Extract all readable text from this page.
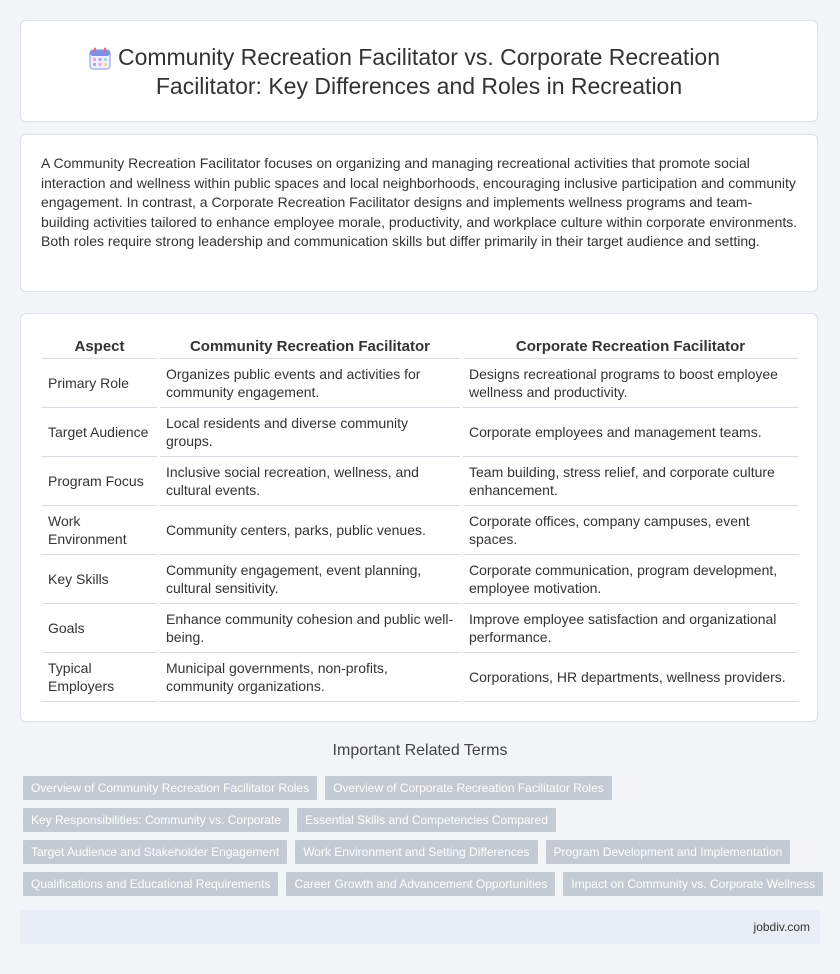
Community Recreation Facilitator vs. Corporate Recreation
Facilitator: Key Differences and Roles in Recreation

A Community Recreation Facilitator focuses on organizing and managing recreational activities that promote social interaction and wellness within public spaces and local neighborhoods, encouraging inclusive participation and community engagement. In contrast, a Corporate Recreation Facilitator designs and implements wellness programs and team-building activities tailored to enhance employee morale, productivity, and workplace culture within corporate environments. Both roles require strong leadership and communication skills but differ primarily in their target audience and setting.

Aspect	Community Recreation Facilitator	Corporate Recreation Facilitator
Primary Role	Organizes public events and activities for community engagement.	Designs recreational programs to boost employee wellness and productivity.
Target Audience	Local residents and diverse community groups.	Corporate employees and management teams.
Program Focus	Inclusive social recreation, wellness, and cultural events.	Team building, stress relief, and corporate culture enhancement.
Work Environment	Community centers, parks, public venues.	Corporate offices, company campuses, event spaces.
Key Skills	Community engagement, event planning, cultural sensitivity.	Corporate communication, program development, employee motivation.
Goals	Enhance community cohesion and public well-being.	Improve employee satisfaction and organizational performance.
Typical Employers	Municipal governments, non-profits, community organizations.	Corporations, HR departments, wellness providers.
Important Related Terms
Overview of Community Recreation Facilitator Roles	Overview of Corporate Recreation Facilitator Roles
Key Responsibilities: Community vs. Corporate	Essential Skills and Competencies Compared
Target Audience and Stakeholder Engagement	Work Environment and Setting Differences	Program Development and Implementation
Qualifications and Educational Requirements	Career Growth and Advancement Opportunities	Impact on Community vs. Corporate Wellness
jobdiv.com
